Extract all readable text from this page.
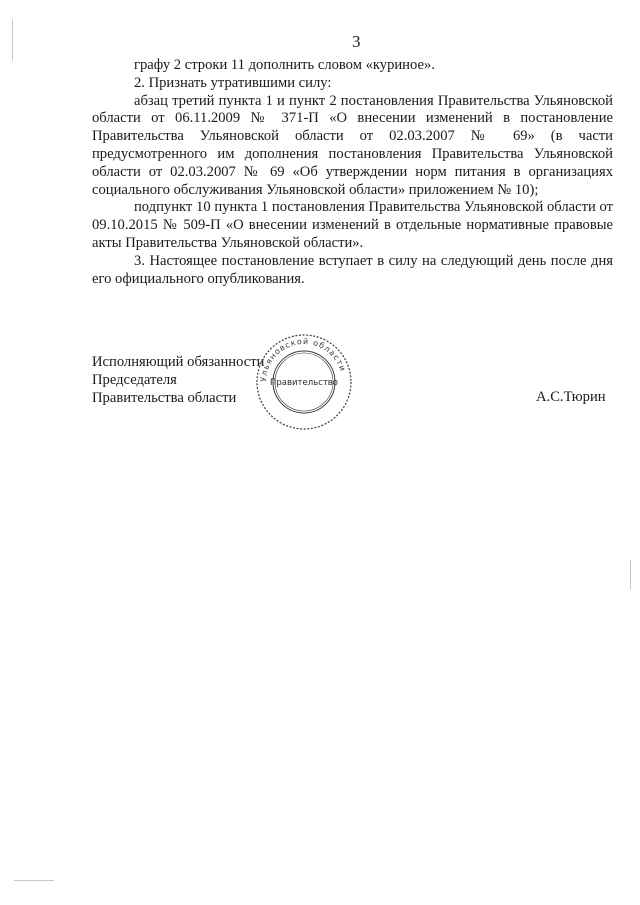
3

графу 2 строки 11 дополнить словом «куриное».

2. Признать утратившими силу:

абзац третий пункта 1 и пункт 2 постановления Правительства Ульяновской области от 06.11.2009 № 371-П «О внесении изменений в постановление Правительства Ульяновской области от 02.03.2007 № 69» (в части предусмотренного им дополнения постановления Правительства Ульяновской области от 02.03.2007 № 69 «Об утверждении норм питания в организациях социального обслуживания Ульяновской области» приложением № 10);

подпункт 10 пункта 1 постановления Правительства Ульяновской области от 09.10.2015 № 509-П «О внесении изменений в отдельные нормативные правовые акты Правительства Ульяновской области».

3. Настоящее постановление вступает в силу на следующий день после дня его официального опубликования.

Исполняющий обязанности
Председателя
Правительства области	А.С.Тюрин
Ульяновской области
Правительство
